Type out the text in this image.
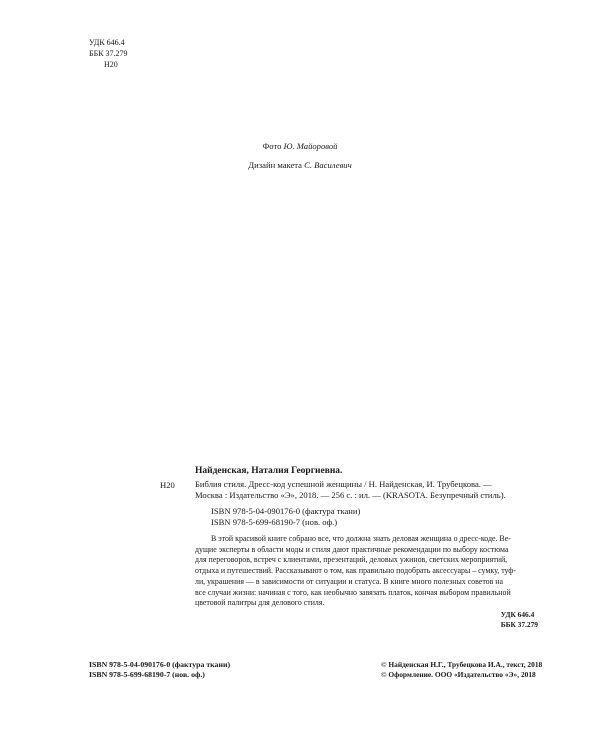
УДК 646.4
ББК 37.279
Н20
Фото Ю. Майоровой
Дизайн макета С. Василевич
Найденская, Наталия Георгиевна.
Н20 Библия стиля. Дресс-код успешной женщины / Н. Найденская, И. Трубецкова. —
Москва : Издательство «Э», 2018. — 256 с. : ил. — (KRASOTA. Безупречный стиль).
ISBN 978-5-04-090176-0 (фактура ткани)
ISBN 978-5-699-68190-7 (нов. оф.)
В этой красивой книге собрано все, что должна знать деловая женщина о дресс-коде. Ве-
дущие эксперты в области моды и стиля дают практичные рекомендации по выбору костюма
для переговоров, встреч с клиентами, презентаций, деловых ужинов, светских мероприятий,
отдыха и путешествий. Рассказывают о том, как правильно подобрать аксессуары – сумку, туф-
ли, украшения — в зависимости от ситуации и статуса. В книге много полезных советов на
все случаи жизни: начиная с того, как необычно завязать платок, кончая выбором правильной
цветовой палитры для делового стиля.
УДК 646.4
ББК 37.279
ISBN 978-5-04-090176-0 (фактура ткани)
ISBN 978-5-699-68190-7 (нов. оф.)
© Найденская Н.Г., Трубецкова И.А., текст, 2018
© Оформление. ООО «Издательство «Э», 2018
